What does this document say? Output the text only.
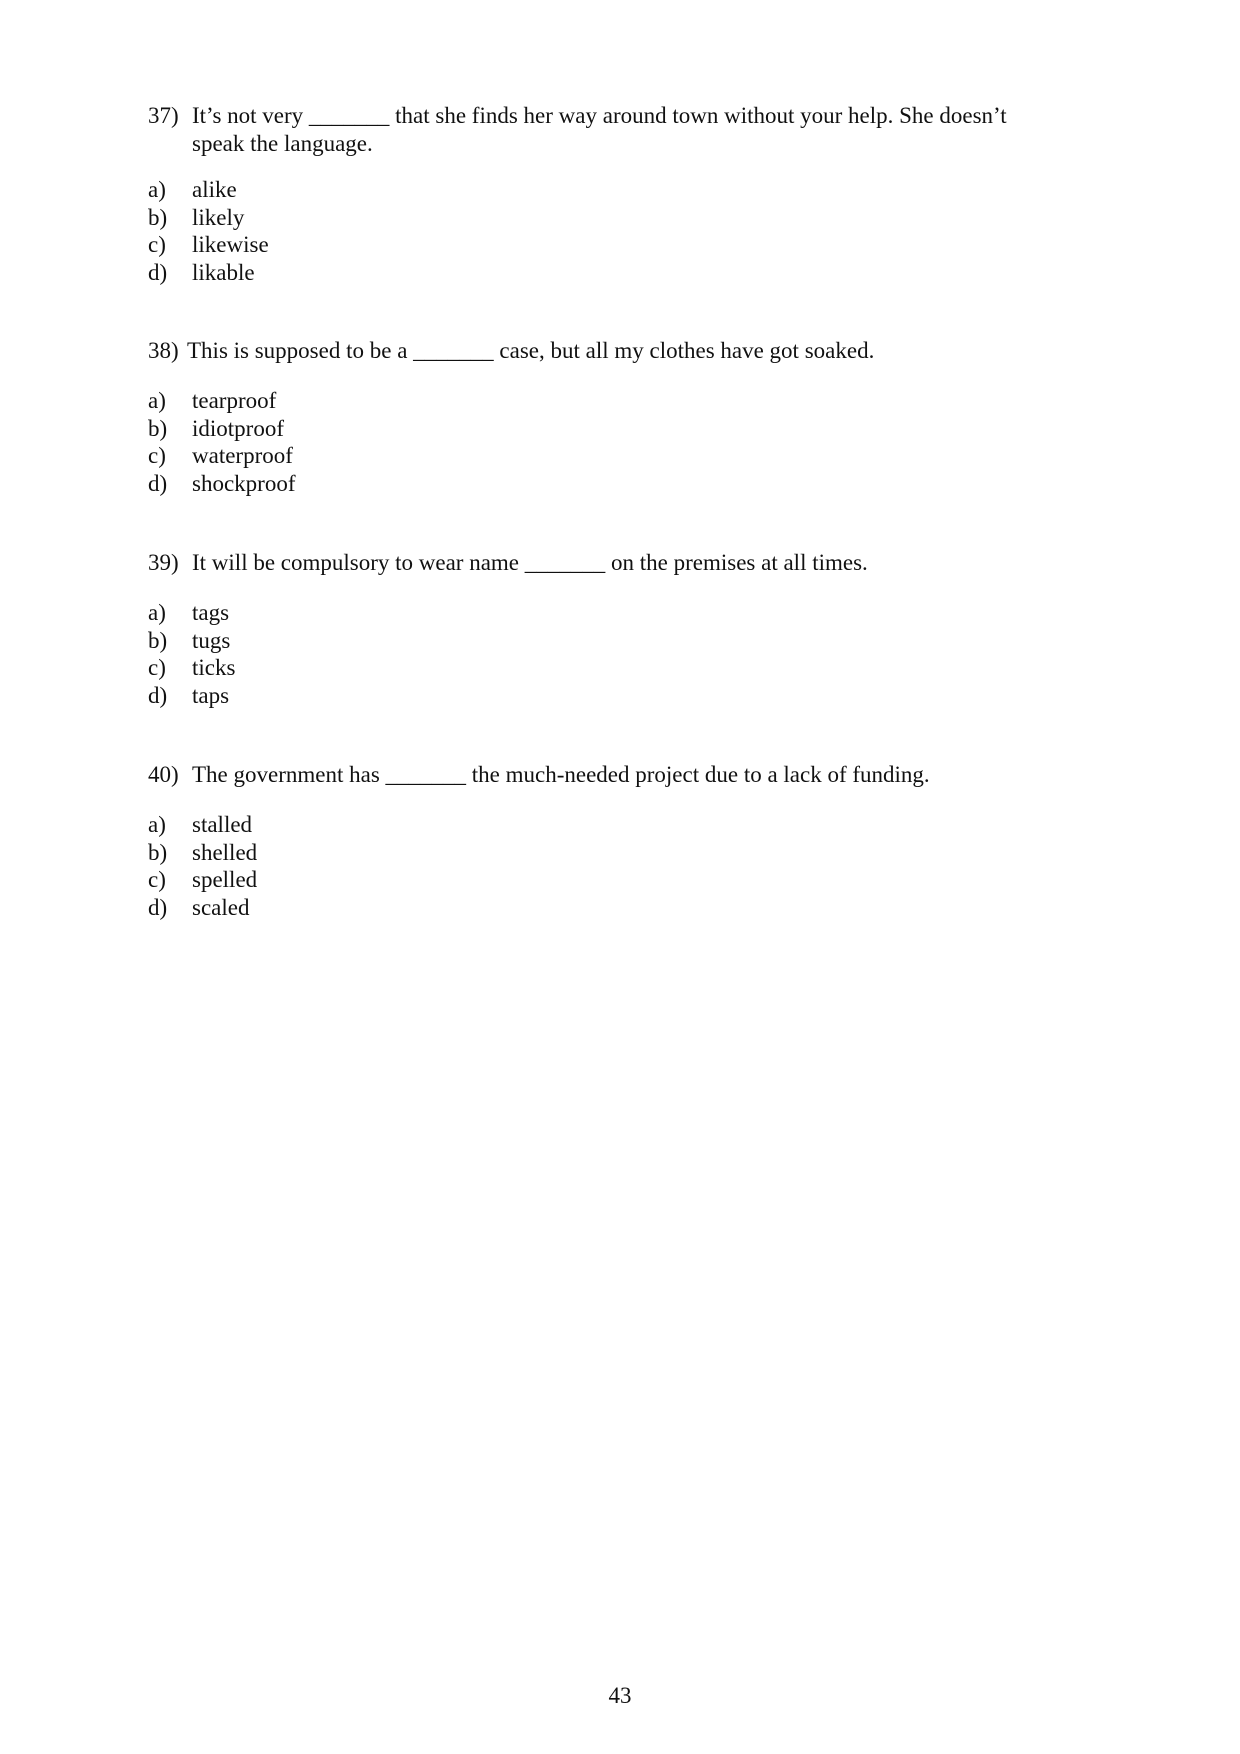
37) It’s not very _______ that she finds her way around town without your help. She doesn’t
speak the language.
a) alike
b) likely
c) likewise
d) likable
38) This is supposed to be a _______ case, but all my clothes have got soaked.
a) tearproof
b) idiotproof
c) waterproof
d) shockproof
39) It will be compulsory to wear name _______ on the premises at all times.
a) tags
b) tugs
c) ticks
d) taps
40) The government has _______ the much-needed project due to a lack of funding.
a) stalled
b) shelled
c) spelled
d) scaled
43
